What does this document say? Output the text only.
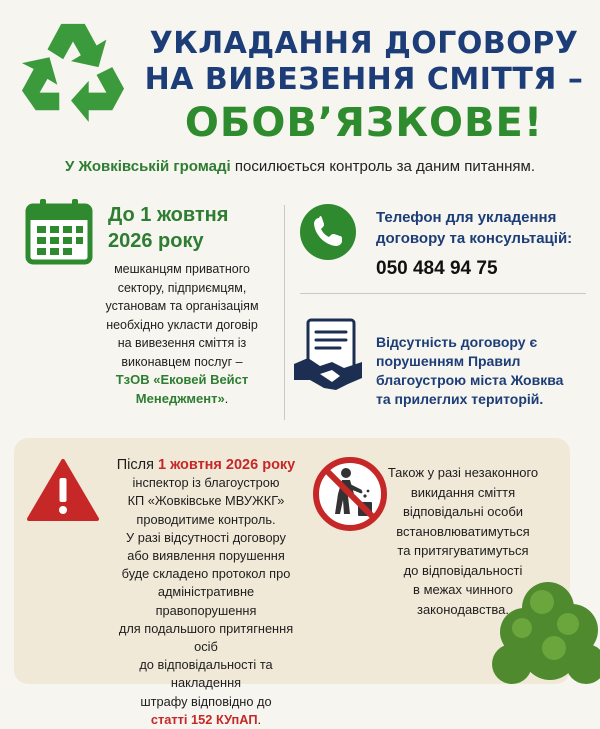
УКЛАДАННЯ ДОГОВОРУ
НА ВИВЕЗЕННЯ СМІТТЯ –
ОБОВ’ЯЗКОВЕ!
У Жовківській громаді посилюється контроль за даним питанням.
До 1 жовтня
2026 року
мешканцям приватного
сектору, підприємцям,
установам та організаціям
необхідно укласти договір
на вивезення сміття із
виконавцем послуг –
ТзОВ «Ековей Вейст
Менеджмент».
Телефон для укладення
договору та консультацій:
050 484 94 75
Відсутність договору є
порушенням Правил
благоустрою міста Жовква
та прилеглих територій.
Після 1 жовтня 2026 року
інспектор із благоустрою
КП «Жовківське МВУЖКГ»
проводитиме контроль.
У разі відсутності договору
або виявлення порушення
буде складено протокол про
адміністративне правопорушення
для подальшого притягнення осіб
до відповідальності та накладення
штрафу відповідно до
статті 152 КУпАП.
Також у разі незаконного
викидання сміття
відповідальні особи
встановлюватимуться
та притягуватимуться
до відповідальності
в межах чинного
законодавства.
